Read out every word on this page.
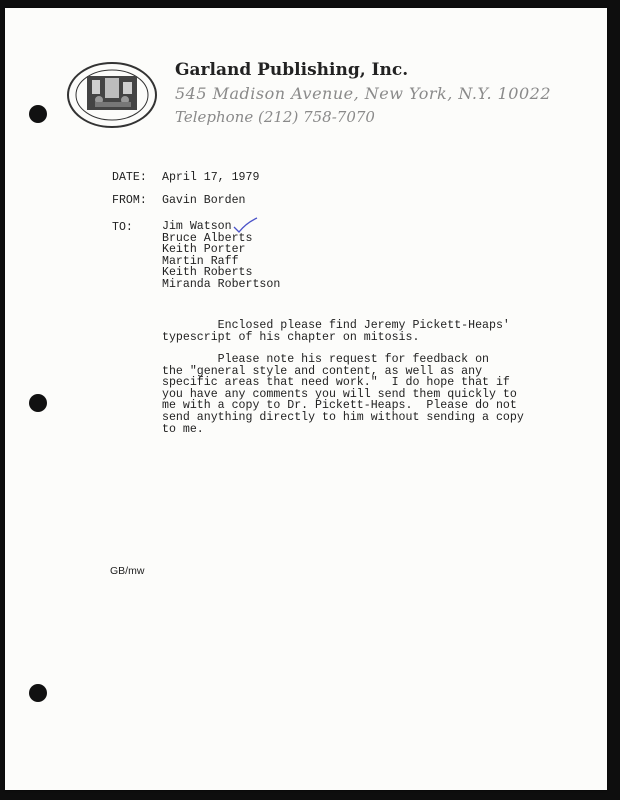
Garland Publishing, Inc.
545 Madison Avenue, New York, N.Y. 10022
Telephone (212) 758-7070
DATE: April 17, 1979
FROM: Gavin Borden
TO:	Jim Watson
Bruce Alberts
Keith Porter
Martin Raff
Keith Roberts
Miranda Robertson
Enclosed please find Jeremy Pickett-Heaps'
typescript of his chapter on mitosis.
Please note his request for feedback on
the "general style and content, as well as any
specific areas that need work."  I do hope that if
you have any comments you will send them quickly to
me with a copy to Dr. Pickett-Heaps.  Please do not
send anything directly to him without sending a copy
to me.
GB/mw
